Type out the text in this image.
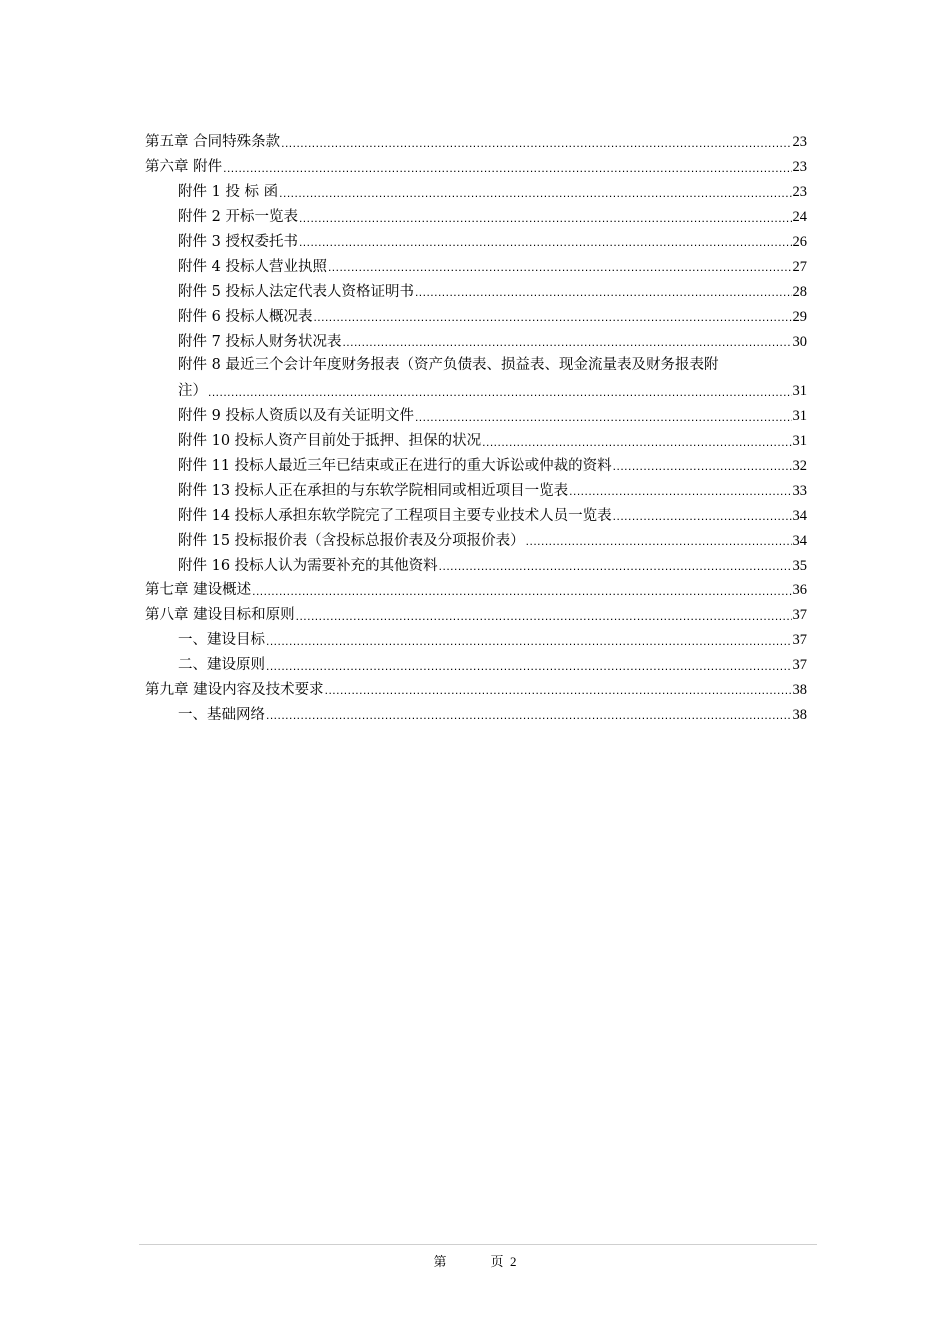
第五章 合同特殊条款 .....	23
第六章 附件 .....	23
附件 1 投 标 函 .....	23
附件 2 开标一览表 .....	24
附件 3 授权委托书 .....	26
附件 4 投标人营业执照 .....	27
附件 5 投标人法定代表人资格证明书 .....	28
附件 6 投标人概况表 .....	29
附件 7 投标人财务状况表 .....	30
附件 8 最近三个会计年度财务报表（资产负债表、损益表、现金流量表及财务报表附
注） .....	31
附件 9 投标人资质以及有关证明文件 .....	31
附件 10 投标人资产目前处于抵押、担保的状况 .....	31
附件 11 投标人最近三年已结束或正在进行的重大诉讼或仲裁的资料 .....	32
附件 13 投标人正在承担的与东软学院相同或相近项目一览表 .....	33
附件 14 投标人承担东软学院完了工程项目主要专业技术人员一览表 .....	34
附件 15 投标报价表（含投标总报价表及分项报价表） .....	34
附件 16 投标人认为需要补充的其他资料 .....	35
第七章 建设概述 .....	36
第八章 建设目标和原则 .....	37
一、建设目标 .....	37
二、建设原则 .....	37
第九章 建设内容及技术要求 .....	38
一、基础网络 .....	38
第	页 2
